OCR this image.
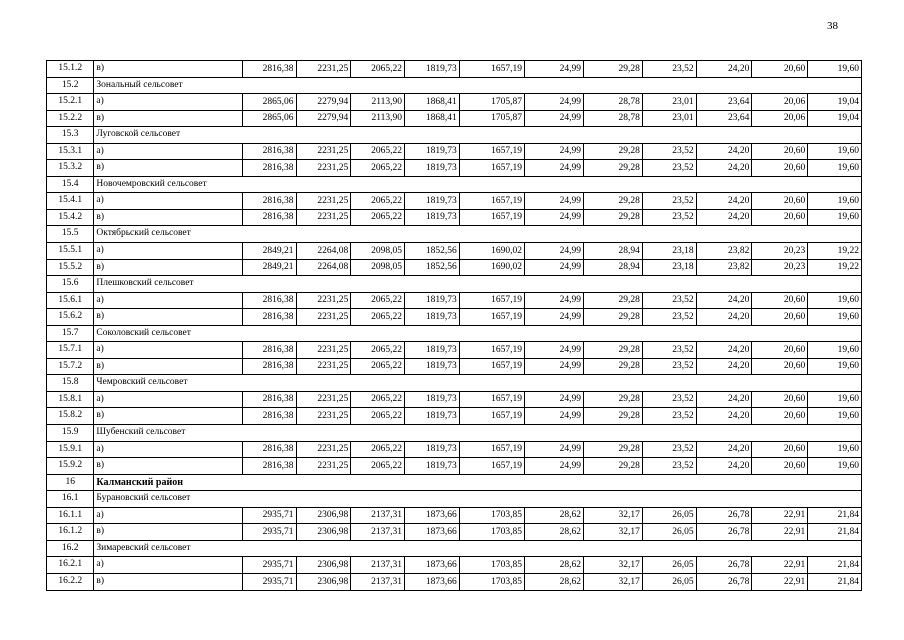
38
15.1.2	в)	2816,38	2231,25	2065,22	1819,73	1657,19	24,99	29,28	23,52	24,20	20,60	19,60
15.2	Зональный сельсовет											
15.2.1	а)	2865,06	2279,94	2113,90	1868,41	1705,87	24,99	28,78	23,01	23,64	20,06	19,04
15.2.2	в)	2865,06	2279,94	2113,90	1868,41	1705,87	24,99	28,78	23,01	23,64	20,06	19,04
15.3	Луговской сельсовет											
15.3.1	а)	2816,38	2231,25	2065,22	1819,73	1657,19	24,99	29,28	23,52	24,20	20,60	19,60
15.3.2	в)	2816,38	2231,25	2065,22	1819,73	1657,19	24,99	29,28	23,52	24,20	20,60	19,60
15.4	Новочемровский сельсовет											
15.4.1	а)	2816,38	2231,25	2065,22	1819,73	1657,19	24,99	29,28	23,52	24,20	20,60	19,60
15.4.2	в)	2816,38	2231,25	2065,22	1819,73	1657,19	24,99	29,28	23,52	24,20	20,60	19,60
15.5	Октябрьский сельсовет											
15.5.1	а)	2849,21	2264,08	2098,05	1852,56	1690,02	24,99	28,94	23,18	23,82	20,23	19,22
15.5.2	в)	2849,21	2264,08	2098,05	1852,56	1690,02	24,99	28,94	23,18	23,82	20,23	19,22
15.6	Плешковский сельсовет											
15.6.1	а)	2816,38	2231,25	2065,22	1819,73	1657,19	24,99	29,28	23,52	24,20	20,60	19,60
15.6.2	в)	2816,38	2231,25	2065,22	1819,73	1657,19	24,99	29,28	23,52	24,20	20,60	19,60
15.7	Соколовский сельсовет											
15.7.1	а)	2816,38	2231,25	2065,22	1819,73	1657,19	24,99	29,28	23,52	24,20	20,60	19,60
15.7.2	в)	2816,38	2231,25	2065,22	1819,73	1657,19	24,99	29,28	23,52	24,20	20,60	19,60
15.8	Чемровский сельсовет											
15.8.1	а)	2816,38	2231,25	2065,22	1819,73	1657,19	24,99	29,28	23,52	24,20	20,60	19,60
15.8.2	в)	2816,38	2231,25	2065,22	1819,73	1657,19	24,99	29,28	23,52	24,20	20,60	19,60
15.9	Шубенский сельсовет											
15.9.1	а)	2816,38	2231,25	2065,22	1819,73	1657,19	24,99	29,28	23,52	24,20	20,60	19,60
15.9.2	в)	2816,38	2231,25	2065,22	1819,73	1657,19	24,99	29,28	23,52	24,20	20,60	19,60
16	Калманский район											
16.1	Бурановский сельсовет											
16.1.1	а)	2935,71	2306,98	2137,31	1873,66	1703,85	28,62	32,17	26,05	26,78	22,91	21,84
16.1.2	в)	2935,71	2306,98	2137,31	1873,66	1703,85	28,62	32,17	26,05	26,78	22,91	21,84
16.2	Зимаревский сельсовет											
16.2.1	а)	2935,71	2306,98	2137,31	1873,66	1703,85	28,62	32,17	26,05	26,78	22,91	21,84
16.2.2	в)	2935,71	2306,98	2137,31	1873,66	1703,85	28,62	32,17	26,05	26,78	22,91	21,84
